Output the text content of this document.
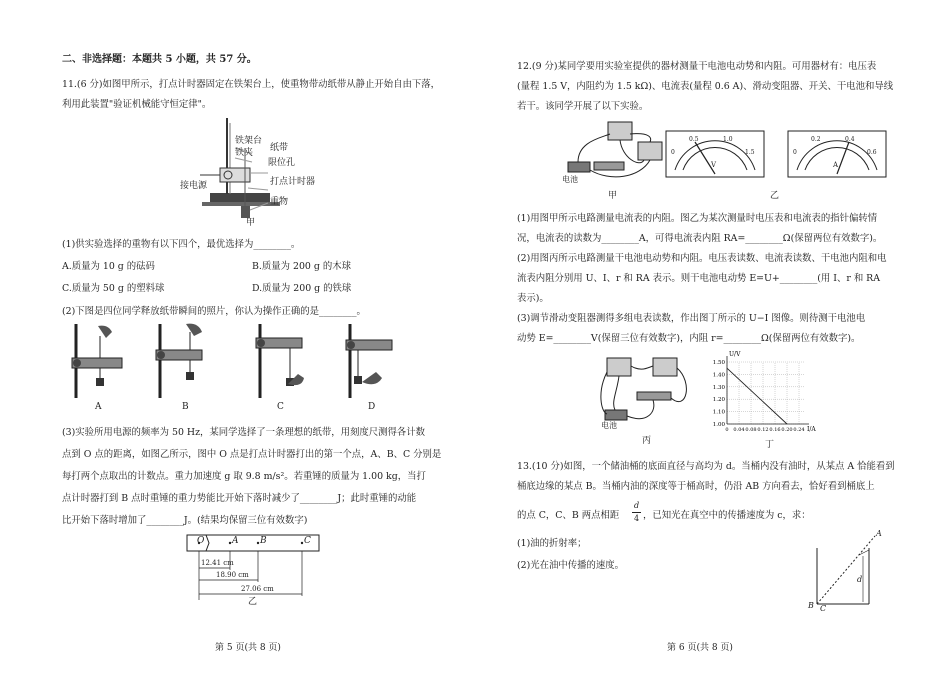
二、非选择题：本题共 5 小题，共 57 分。
11.(6 分)如图甲所示，打点计时器固定在铁架台上，使重物带动纸带从静止开始自由下落，
利用此装置"验证机械能守恒定律"。
铁架台
铁夹 纸带
限位孔
接电源	打点计时器
重物
甲
(1)供实验选择的重物有以下四个，最优选择为________。
A.质量为 10 g 的砝码	B.质量为 200 g 的木球
C.质量为 50 g 的塑料球	D.质量为 200 g 的铁球
(2)下图是四位同学释放纸带瞬间的照片，你认为操作正确的是________。
A	B	C	D
(3)实验所用电源的频率为 50 Hz，某同学选择了一条理想的纸带，用刻度尺测得各计数
点到 O 点的距离，如图乙所示，图中 O 点是打点计时器打出的第一个点，A、B、C 分别是
每打两个点取出的计数点。重力加速度 g 取 9.8 m/s²。若重锤的质量为 1.00 kg，当打
点计时器打到 B 点时重锤的重力势能比开始下落时减少了________J；此时重锤的动能
比开始下落时增加了________J。(结果均保留三位有效数字)
O	A B	C
12.41 cm
18.90 cm
27.06 cm
乙
第 5 页(共 8 页)
12.(9 分)某同学要用实验室提供的器材测量干电池电动势和内阻。可用器材有：电压表
(量程 1.5 V，内阻约为 1.5 kΩ)、电流表(量程 0.6 A)、滑动变阻器、开关、干电池和导线
若干。该同学开展了以下实验。
电池
甲
0
0.5	1.0
1.5
V
0
0.2	0.4
0.6
A
乙
(1)用图甲所示电路测量电流表的内阻。图乙为某次测量时电压表和电流表的指针偏转情
况，电流表的读数为________A，可得电流表内阻 RA=________Ω(保留两位有效数字)。
(2)用图丙所示电路测量干电池电动势和内阻。电压表读数、电流表读数、干电池内阻和电
流表内阻分别用 U、I、r 和 RA 表示。则干电池电动势 E=U+________(用 I、r 和 RA
表示)。
(3)调节滑动变阻器测得多组电表读数，作出图丁所示的 U−I 图像。则待测干电池电
动势 E=________V(保留三位有效数字)，内阻 r=________Ω(保留两位有效数字)。
电池
丙
1.00
1.10
1.20
1.30
1.40
1.50
0 0.04 0.08 0.12 0.16 0.20 0.24
U/V
I/A
丁
13.(10 分)如图，一个储油桶的底面直径与高均为 d。当桶内没有油时，从某点 A 恰能看到
桶底边缘的某点 B。当桶内油的深度等于桶高时，仍沿 AB 方向看去，恰好看到桶底上
的点 C，C、B 两点相距
d
4 ，已知光在真空中的传播速度为 c，求：
(1)油的折射率；
(2)光在油中传播的速度。
A
B C
d
第 6 页(共 8 页)
